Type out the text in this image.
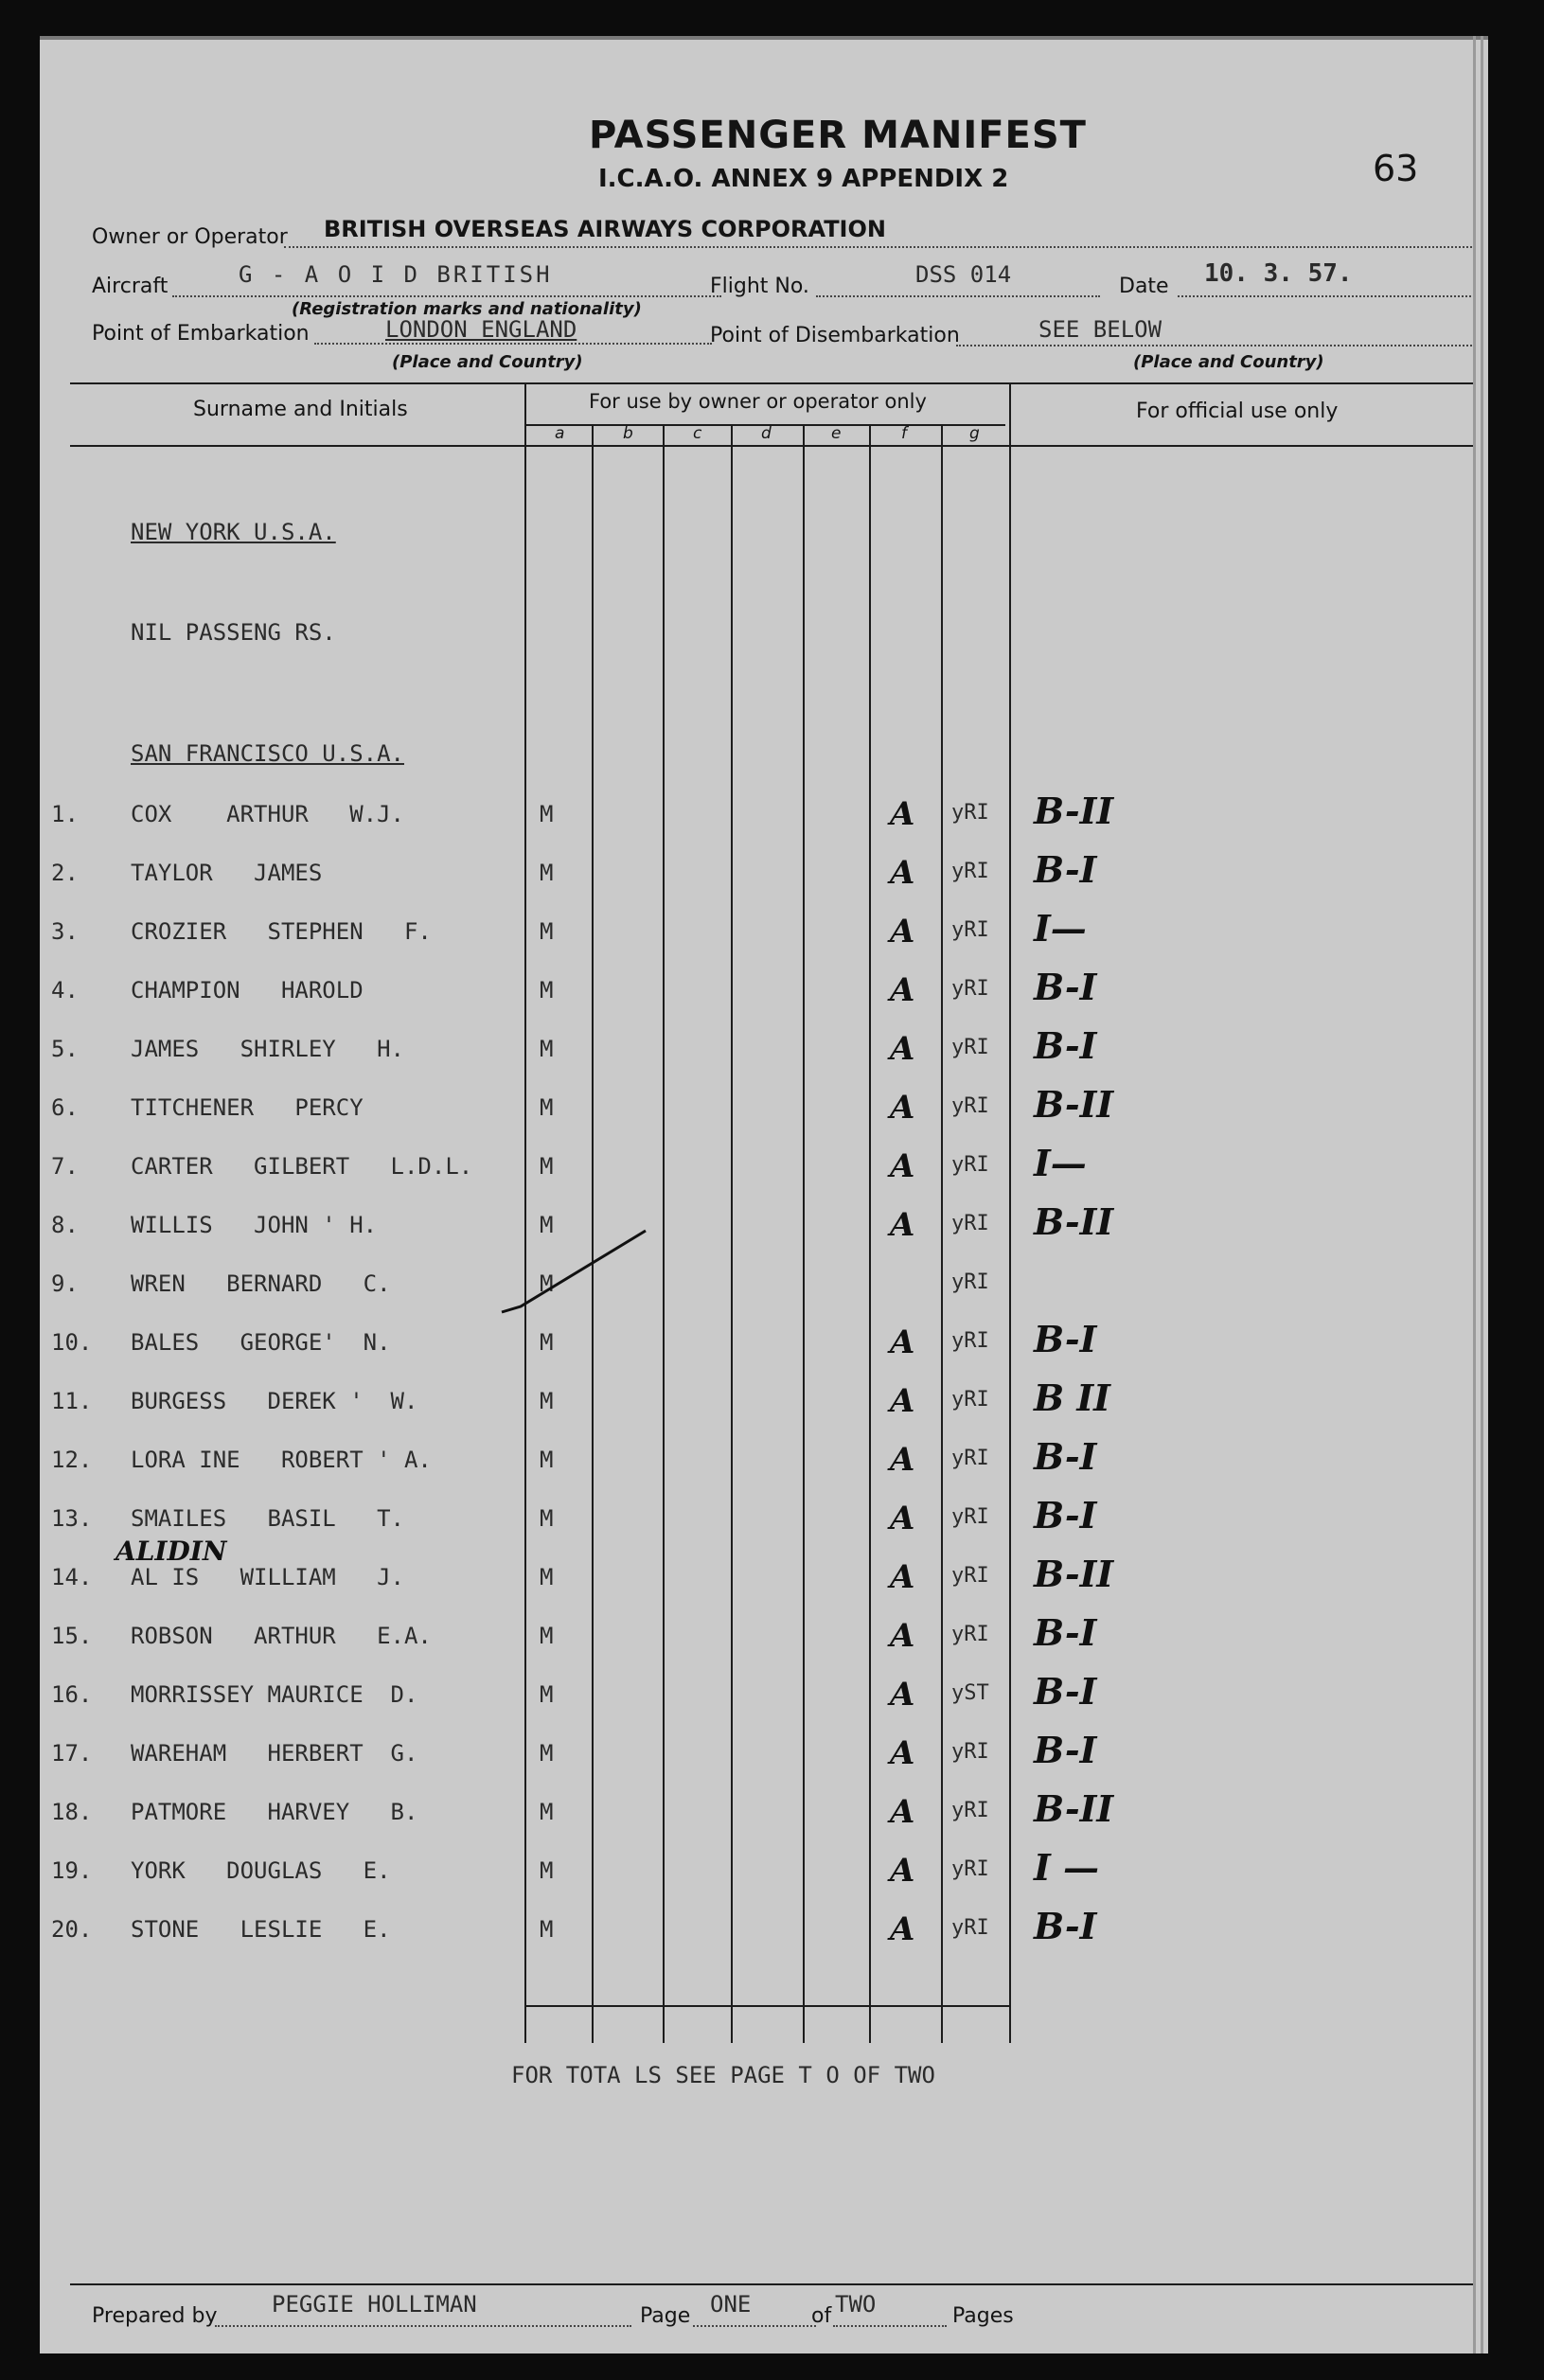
PASSENGER MANIFEST
I.C.A.O. ANNEX 9 APPENDIX 2	63
Owner or Operator BRITISH OVERSEAS AIRWAYS CORPORATION
Aircraft	G - A O I D BRITISH	Flight No.	DSS 014	Date 10. 3. 57.
(Registration marks and nationality)
Point of Embarkation	LONDON ENGLAND	Point of Disembarkation	SEE BELOW
(Place and Country)	(Place and Country)
Surname and Initials	For use by owner or operator only	For official use only
a	b	c	d	e	f	g
NEW YORK U.S.A.
NIL PASSENG RS.
SAN FRANCISCO U.S.A.
1. COX    ARTHUR   W.J.	M	A yRI B-II
2. TAYLOR   JAMES	M	A yRI B-I
3. CROZIER   STEPHEN   F.	M	A yRI I—
4. CHAMPION   HAROLD	M	A yRI B-I
5. JAMES   SHIRLEY   H.	M	A yRI B-I
6. TITCHENER   PERCY	M	A yRI B-II
7. CARTER   GILBERT   L.D.L.	M	A yRI I—
8. WILLIS   JOHN ' H.	M	A yRI B-II
9. WREN   BERNARD   C.	M	yRI
10. BALES   GEORGE'  N.	M	A yRI B-I
11. BURGESS   DEREK '  W.	M	A yRI B II
12. LORA INE   ROBERT ' A.	M	A yRI B-I
13. SMAILES   BASIL   T.	M	A yRI B-I
14. AL IS   WILLIAM   J.	M	A yRI B-II
ALIDIN
15. ROBSON   ARTHUR   E.A.	M	A yRI B-I
16. MORRISSEY MAURICE  D.	M	A yST B-I
17. WAREHAM   HERBERT  G.	M	A yRI B-I
18. PATMORE   HARVEY   B.	M	A yRI B-II
19. YORK   DOUGLAS   E.	M	A yRI I —
20. STONE   LESLIE   E.	M	A yRI B-I
FOR TOTA LS SEE PAGE T O OF TWO
Prepared by PEGGIE HOLLIMAN	Page ONE	of TWO	Pages
